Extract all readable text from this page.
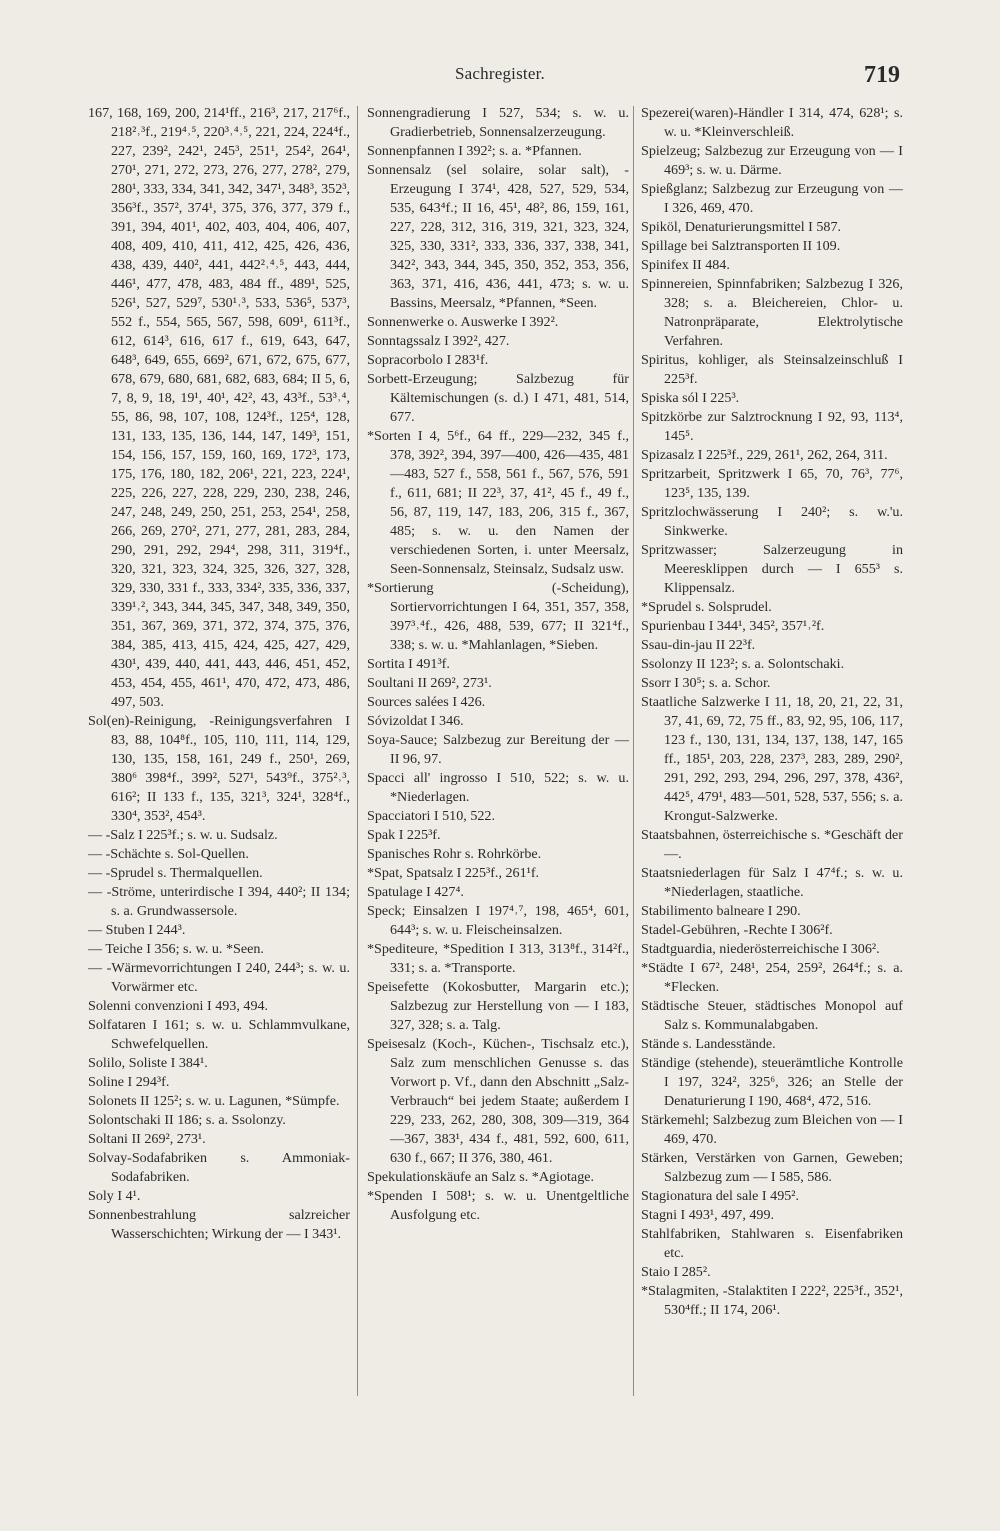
Sachregister.	719

167, 168, 169, 200, 214¹ff., 216³, 217, 217⁶f., 218²˒³f., 219⁴˒⁵, 220³˒⁴˒⁵, 221, 224, 224⁴f., 227, 239², 242¹, 245³, 251¹, 254², 264¹, 270¹, 271, 272, 273, 276, 277, 278², 279, 280¹, 333, 334, 341, 342, 347¹, 348³, 352³, 356³f., 357², 374¹, 375, 376, 377, 379 f., 391, 394, 401¹, 402, 403, 404, 406, 407, 408, 409, 410, 411, 412, 425, 426, 436, 438, 439, 440², 441, 442²˒⁴˒⁵, 443, 444, 446¹, 477, 478, 483, 484 ff., 489¹, 525, 526¹, 527, 529⁷, 530¹˒³, 533, 536⁵, 537³, 552 f., 554, 565, 567, 598, 609¹, 611³f., 612, 614³, 616, 617 f., 619, 643, 647, 648³, 649, 655, 669², 671, 672, 675, 677, 678, 679, 680, 681, 682, 683, 684; II 5, 6, 7, 8, 9, 18, 19¹, 40¹, 42², 43, 43³f., 53³˒⁴, 55, 86, 98, 107, 108, 124³f., 125⁴, 128, 131, 133, 135, 136, 144, 147, 149³, 151, 154, 156, 157, 159, 160, 169, 172³, 173, 175, 176, 180, 182, 206¹, 221, 223, 224¹, 225, 226, 227, 228, 229, 230, 238, 246, 247, 248, 249, 250, 251, 253, 254¹, 258, 266, 269, 270², 271, 277, 281, 283, 284, 290, 291, 292, 294⁴, 298, 311, 319⁴f., 320, 321, 323, 324, 325, 326, 327, 328, 329, 330, 331 f., 333, 334², 335, 336, 337, 339¹˒², 343, 344, 345, 347, 348, 349, 350, 351, 367, 369, 371, 372, 374, 375, 376, 384, 385, 413, 415, 424, 425, 427, 429, 430¹, 439, 440, 441, 443, 446, 451, 452, 453, 454, 455, 461¹, 470, 472, 473, 486, 497, 503.

Sol(en)-Reinigung, -Reinigungsverfahren I 83, 88, 104⁸f., 105, 110, 111, 114, 129, 130, 135, 158, 161, 249 f., 250¹, 269, 380⁶ 398⁴f., 399², 527¹, 543⁹f., 375²˒³, 616²; II 133 f., 135, 321³, 324¹, 328⁴f., 330⁴, 353², 454³.

— -Salz I 225³f.; s. w. u. Sudsalz.

— -Schächte s. Sol-Quellen.

— -Sprudel s. Thermalquellen.

— -Ströme, unterirdische I 394, 440²; II 134; s. a. Grundwassersole.

— Stuben I 244³.

— Teiche I 356; s. w. u. *Seen.

— -Wärmevorrichtungen I 240, 244³; s. w. u. Vorwärmer etc.

Solenni convenzioni I 493, 494.

Solfataren I 161; s. w. u. Schlammvulkane, Schwefelquellen.

Solilo, Soliste I 384¹.

Soline I 294³f.

Solonets II 125²; s. w. u. Lagunen, *Sümpfe.

Solontschaki II 186; s. a. Ssolonzy.

Soltani II 269², 273¹.

Solvay-Sodafabriken s. Ammoniak-Sodafabriken.

Soly I 4¹.

Sonnenbestrahlung salzreicher Wasserschichten; Wirkung der — I 343¹.

Sonnengradierung I 527, 534; s. w. u. Gradierbetrieb, Sonnensalzerzeugung.

Sonnenpfannen I 392²; s. a. *Pfannen.

Sonnensalz (sel solaire, solar salt), -Erzeugung I 374¹, 428, 527, 529, 534, 535, 643⁴f.; II 16, 45¹, 48², 86, 159, 161, 227, 228, 312, 316, 319, 321, 323, 324, 325, 330, 331², 333, 336, 337, 338, 341, 342², 343, 344, 345, 350, 352, 353, 356, 363, 371, 416, 436, 441, 473; s. w. u. Bassins, Meersalz, *Pfannen, *Seen.

Sonnenwerke o. Auswerke I 392².

Sonntagssalz I 392², 427.

Sopracorbolo I 283¹f.

Sorbett-Erzeugung; Salzbezug für Kältemischungen (s. d.) I 471, 481, 514, 677.

*Sorten I 4, 5⁶f., 64 ff., 229—232, 345 f., 378, 392², 394, 397—400, 426—435, 481—483, 527 f., 558, 561 f., 567, 576, 591 f., 611, 681; II 22³, 37, 41², 45 f., 49 f., 56, 87, 119, 147, 183, 206, 315 f., 367, 485; s. w. u. den Namen der verschiedenen Sorten, i. unter Meersalz, Seen-Sonnensalz, Steinsalz, Sudsalz usw.

*Sortierung (-Scheidung), Sortiervorrichtungen I 64, 351, 357, 358, 397³˒⁴f., 426, 488, 539, 677; II 321⁴f., 338; s. w. u. *Mahlanlagen, *Sieben.

Sortita I 491³f.

Soultani II 269², 273¹.

Sources salées I 426.

Sóvizoldat I 346.

Soya-Sauce; Salzbezug zur Bereitung der — II 96, 97.

Spacci all' ingrosso I 510, 522; s. w. u. *Niederlagen.

Spacciatori I 510, 522.

Spak I 225³f.

Spanisches Rohr s. Rohrkörbe.

*Spat, Spatsalz I 225³f., 261¹f.

Spatulage I 427⁴.

Speck; Einsalzen I 197⁴˒⁷, 198, 465⁴, 601, 644³; s. w. u. Fleischeinsalzen.

*Spediteure, *Spedition I 313, 313⁸f., 314²f., 331; s. a. *Transporte.

Speisefette (Kokosbutter, Margarin etc.); Salzbezug zur Herstellung von — I 183, 327, 328; s. a. Talg.

Speisesalz (Koch-, Küchen-, Tischsalz etc.), Salz zum menschlichen Genusse s. das Vorwort p. Vf., dann den Abschnitt „Salz-Verbrauch“ bei jedem Staate; außerdem I 229, 233, 262, 280, 308, 309—319, 364 —367, 383¹, 434 f., 481, 592, 600, 611, 630 f., 667; II 376, 380, 461.

Spekulationskäufe an Salz s. *Agiotage.

*Spenden I 508¹; s. w. u. Unentgeltliche Ausfolgung etc.

Spezerei(waren)-Händler I 314, 474, 628¹; s. w. u. *Kleinverschleiß.

Spielzeug; Salzbezug zur Erzeugung von — I 469³; s. w. u. Därme.

Spießglanz; Salzbezug zur Erzeugung von — I 326, 469, 470.

Spiköl, Denaturierungsmittel I 587.

Spillage bei Salztransporten II 109.

Spinifex II 484.

Spinnereien, Spinnfabriken; Salzbezug I 326, 328; s. a. Bleichereien, Chlor- u. Natronpräparate, Elektrolytische Verfahren.

Spiritus, kohliger, als Steinsalzeinschluß I 225³f.

Spiska sól I 225³.

Spitzkörbe zur Salztrocknung I 92, 93, 113⁴, 145⁵.

Spizasalz I 225³f., 229, 261¹, 262, 264, 311.

Spritzarbeit, Spritzwerk I 65, 70, 76³, 77⁶, 123⁵, 135, 139.

Spritzlochwässerung I 240²; s. w.'u. Sinkwerke.

Spritzwasser; Salzerzeugung in Meeresklippen durch — I 655³ s. Klippensalz.

*Sprudel s. Solsprudel.

Spurienbau I 344¹, 345², 357¹˒²f.

Ssau-din-jau II 22³f.

Ssolonzy II 123²; s. a. Solontschaki.

Ssorr I 30⁵; s. a. Schor.

Staatliche Salzwerke I 11, 18, 20, 21, 22, 31, 37, 41, 69, 72, 75 ff., 83, 92, 95, 106, 117, 123 f., 130, 131, 134, 137, 138, 147, 165 ff., 185¹, 203, 228, 237³, 283, 289, 290², 291, 292, 293, 294, 296, 297, 378, 436², 442⁵, 479¹, 483—501, 528, 537, 556; s. a. Krongut-Salzwerke.

Staatsbahnen, österreichische s. *Geschäft der —.

Staatsniederlagen für Salz I 47⁴f.; s. w. u. *Niederlagen, staatliche.

Stabilimento balneare I 290.

Stadel-Gebühren, -Rechte I 306²f.

Stadtguardia, niederösterreichische I 306².

*Städte I 67², 248¹, 254, 259², 264⁴f.; s. a. *Flecken.

Städtische Steuer, städtisches Monopol auf Salz s. Kommunalabgaben.

Stände s. Landesstände.

Ständige (stehende), steuerämtliche Kontrolle I 197, 324², 325⁶, 326; an Stelle der Denaturierung I 190, 468⁴, 472, 516.

Stärkemehl; Salzbezug zum Bleichen von — I 469, 470.

Stärken, Verstärken von Garnen, Geweben; Salzbezug zum — I 585, 586.

Stagionatura del sale I 495².

Stagni I 493¹, 497, 499.

Stahlfabriken, Stahlwaren s. Eisenfabriken etc.

Staio I 285².

*Stalagmiten, -Stalaktiten I 222², 225³f., 352¹, 530⁴ff.; II 174, 206¹.
